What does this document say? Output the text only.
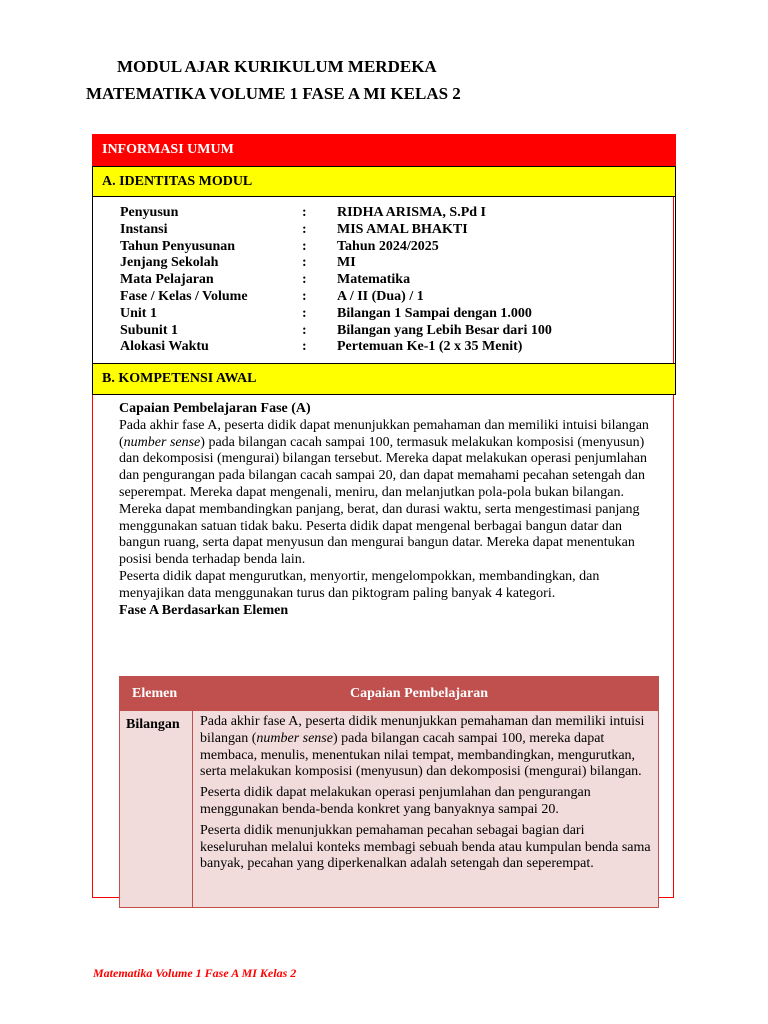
MODUL AJAR KURIKULUM MERDEKA
MATEMATIKA VOLUME 1 FASE A MI KELAS 2
INFORMASI UMUM
A. IDENTITAS MODUL
Penyusun	: RIDHA ARISMA, S.Pd I
Instansi	: MIS AMAL BHAKTI
Tahun Penyusunan	: Tahun 2024/2025
Jenjang Sekolah	: MI
Mata Pelajaran	: Matematika
Fase / Kelas / Volume	: A / II (Dua) / 1
Unit 1	: Bilangan 1 Sampai dengan 1.000
Subunit 1	: Bilangan yang Lebih Besar dari 100
Alokasi Waktu	: Pertemuan Ke-1 (2 x 35 Menit)
B. KOMPETENSI AWAL

Capaian Pembelajaran Fase (A)

Pada akhir fase A, peserta didik dapat menunjukkan pemahaman dan memiliki intuisi bilangan (number sense) pada bilangan cacah sampai 100, termasuk melakukan komposisi (menyusun) dan dekomposisi (mengurai) bilangan tersebut. Mereka dapat melakukan operasi penjumlahan dan pengurangan pada bilangan cacah sampai 20, dan dapat memahami pecahan setengah dan seperempat. Mereka dapat mengenali, meniru, dan melanjutkan pola-pola bukan bilangan. Mereka dapat membandingkan panjang, berat, dan durasi waktu, serta mengestimasi panjang menggunakan satuan tidak baku. Peserta didik dapat mengenal berbagai bangun datar dan bangun ruang, serta dapat menyusun dan mengurai bangun datar. Mereka dapat menentukan posisi benda terhadap benda lain.

Peserta didik dapat mengurutkan, menyortir, mengelompokkan, membandingkan, dan menyajikan data menggunakan turus dan piktogram paling banyak 4 kategori.

Fase A Berdasarkan Elemen

Elemen	Capaian Pembelajaran
Bilangan	Pada akhir fase A, peserta didik menunjukkan pemahaman dan memiliki intuisi bilangan (number sense) pada bilangan cacah sampai 100, mereka dapat membaca, menulis, menentukan nilai tempat, membandingkan, mengurutkan, serta melakukan komposisi (menyusun) dan dekomposisi (mengurai) bilangan.

Peserta didik dapat melakukan operasi penjumlahan dan pengurangan menggunakan benda-benda konkret yang banyaknya sampai 20.

Peserta didik menunjukkan pemahaman pecahan sebagai bagian dari keseluruhan melalui konteks membagi sebuah benda atau kumpulan benda sama banyak, pecahan yang diperkenalkan adalah setengah dan seperempat.

Matematika Volume 1 Fase A MI Kelas 2
